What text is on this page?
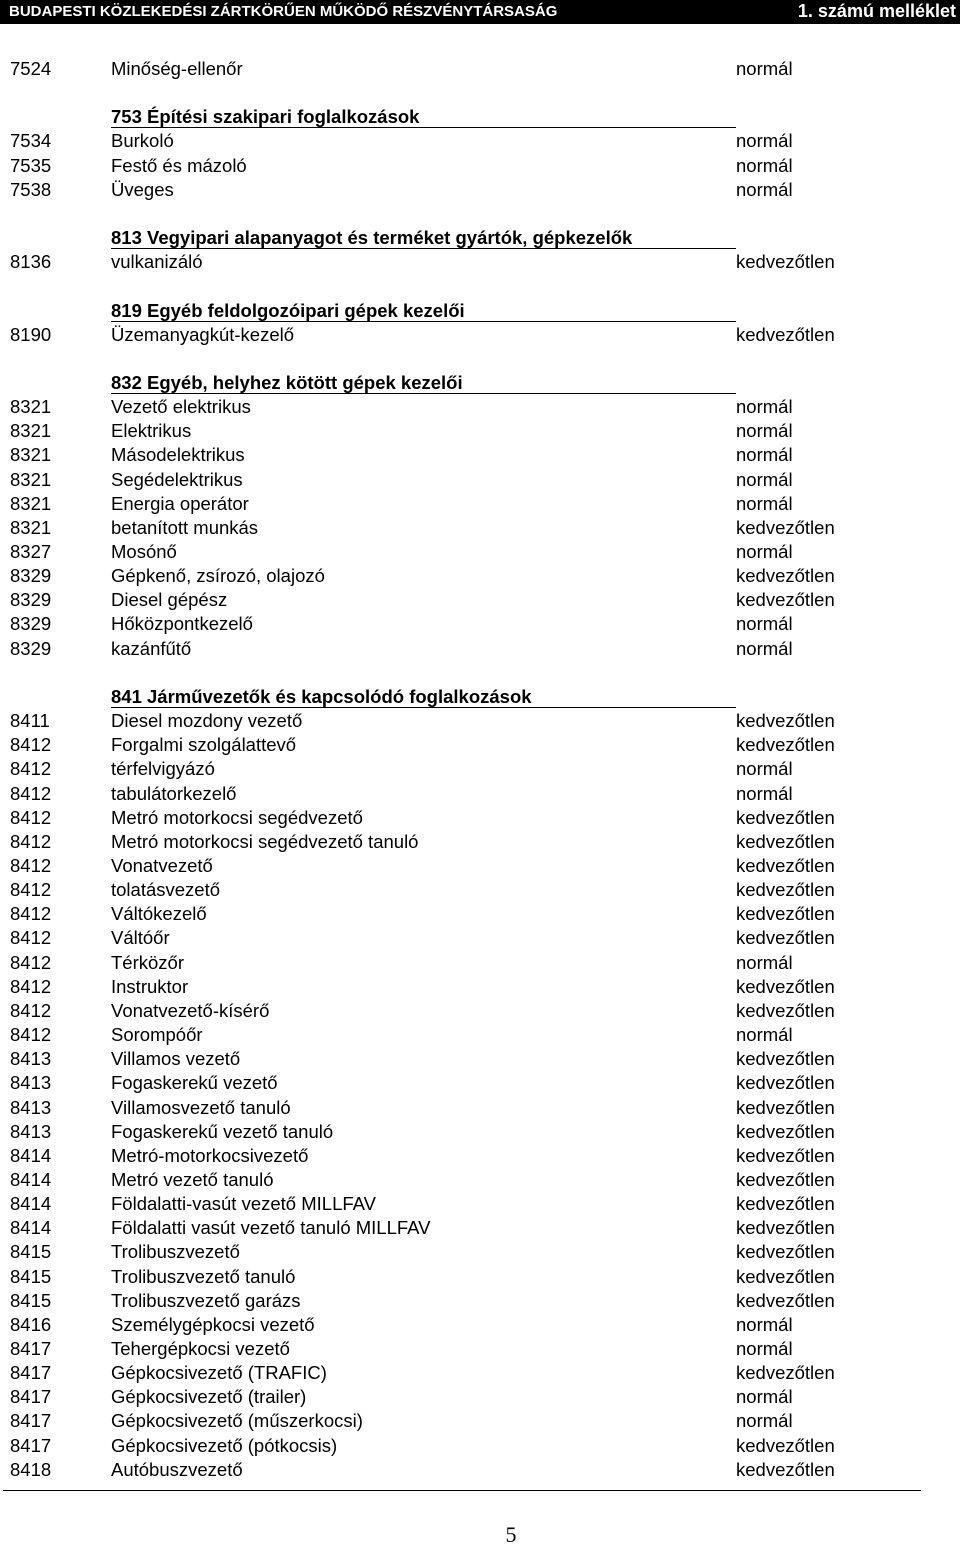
BUDAPESTI KÖZLEKEDÉSI ZÁRTKÖRŰEN MŰKÖDŐ RÉSZVÉNYTÁRSASÁG	1. számú melléklet
7524	Minőség-ellenőr	normál
753 Építési szakipari foglalkozások
7534	Burkoló	normál
7535	Festő és mázoló	normál
7538	Üveges	normál
813 Vegyipari alapanyagot és terméket gyártók, gépkezelők
8136	vulkanizáló	kedvezőtlen
819 Egyéb feldolgozóipari gépek kezelői
8190	Üzemanyagkút-kezelő	kedvezőtlen
832 Egyéb, helyhez kötött gépek kezelői
8321	Vezető elektrikus	normál
8321	Elektrikus	normál
8321	Másodelektrikus	normál
8321	Segédelektrikus	normál
8321	Energia operátor	normál
8321	betanított munkás	kedvezőtlen
8327	Mosónő	normál
8329	Gépkenő, zsírozó, olajozó	kedvezőtlen
8329	Diesel gépész	kedvezőtlen
8329	Hőközpontkezelő	normál
8329	kazánfűtő	normál
841 Járművezetők és kapcsolódó foglalkozások
8411	Diesel mozdony vezető	kedvezőtlen
8412	Forgalmi szolgálattevő	kedvezőtlen
8412	térfelvigyázó	normál
8412	tabulátorkezelő	normál
8412	Metró motorkocsi segédvezető	kedvezőtlen
8412	Metró motorkocsi segédvezető tanuló	kedvezőtlen
8412	Vonatvezető	kedvezőtlen
8412	tolatásvezető	kedvezőtlen
8412	Váltókezelő	kedvezőtlen
8412	Váltóőr	kedvezőtlen
8412	Térközőr	normál
8412	Instruktor	kedvezőtlen
8412	Vonatvezető-kísérő	kedvezőtlen
8412	Sorompóőr	normál
8413	Villamos vezető	kedvezőtlen
8413	Fogaskerekű vezető	kedvezőtlen
8413	Villamosvezető tanuló	kedvezőtlen
8413	Fogaskerekű vezető tanuló	kedvezőtlen
8414	Metró-motorkocsivezető	kedvezőtlen
8414	Metró vezető tanuló	kedvezőtlen
8414	Földalatti-vasút vezető MILLFAV	kedvezőtlen
8414	Földalatti vasút vezető tanuló MILLFAV	kedvezőtlen
8415	Trolibuszvezető	kedvezőtlen
8415	Trolibuszvezető tanuló	kedvezőtlen
8415	Trolibuszvezető garázs	kedvezőtlen
8416	Személygépkocsi vezető	normál
8417	Tehergépkocsi vezető	normál
8417	Gépkocsivezető (TRAFIC)	kedvezőtlen
8417	Gépkocsivezető (trailer)	normál
8417	Gépkocsivezető (műszerkocsi)	normál
8417	Gépkocsivezető (pótkocsis)	kedvezőtlen
8418	Autóbuszvezető	kedvezőtlen
5
